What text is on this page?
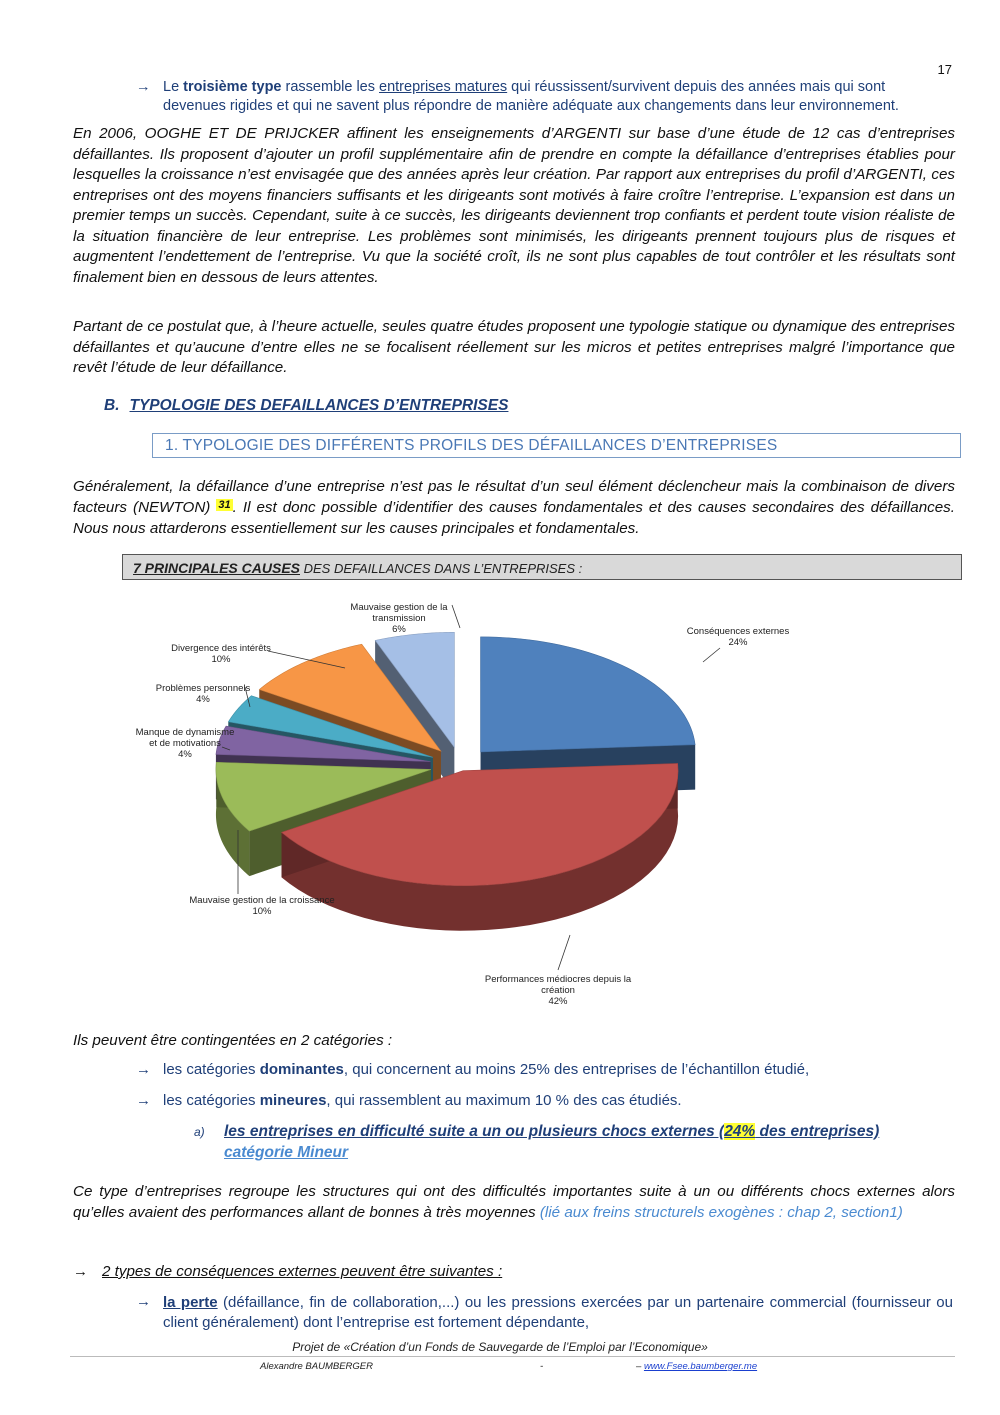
17
→ Le troisième type rassemble les entreprises matures qui réussissent/survivent depuis des années mais qui sont
devenues rigides et qui ne savent plus répondre de manière adéquate aux changements dans leur environnement.
En 2006, OOGHE ET DE PRIJCKER affinent les enseignements d’ARGENTI sur base d’une étude de 12 cas d’entreprises défaillantes. Ils proposent d’ajouter un profil supplémentaire afin de prendre en compte la défaillance d’entreprises établies pour lesquelles la croissance n’est envisagée que des années après leur création. Par rapport aux entreprises du profil d’ARGENTI, ces entreprises ont des moyens financiers suffisants et les dirigeants sont motivés à faire croître l’entreprise. L’expansion est dans un premier temps un succès. Cependant, suite à ce succès, les dirigeants deviennent trop confiants et perdent toute vision réaliste de la situation financière de leur entreprise. Les problèmes sont minimisés, les dirigeants prennent toujours plus de risques et augmentent l’endettement de l’entreprise. Vu que la société croît, ils ne sont plus capables de tout contrôler et les résultats sont finalement bien en dessous de leurs attentes.
Partant de ce postulat que, à l’heure actuelle, seules quatre études proposent une typologie statique ou dynamique des entreprises défaillantes et qu’aucune d’entre elles ne se focalisent réellement sur les micros et petites entreprises malgré l’importance que revêt l’étude de leur défaillance.
B. TYPOLOGIE DES DEFAILLANCES D’ENTREPRISES
1. TYPOLOGIE DES DIFFÉRENTS PROFILS DES DÉFAILLANCES D’ENTREPRISES
Généralement, la défaillance d’une entreprise n’est pas le résultat d’un seul élément déclencheur mais la combinaison de divers facteurs (NEWTON) $^{31}$ . Il est donc possible d’identifier des causes fondamentales et des causes secondaires des défaillances. Nous nous attarderons essentiellement sur les causes principales et fondamentales.
7 PRINCIPALES CAUSES DES DEFAILLANCES DANS L’ENTREPRISES :
Conséquences externes
24%
Performances médiocres depuis la
création
42%
Mauvaise gestion de la croissance
10%
Manque de dynamisme
et de motivations
4%
Problèmes personnels
4%
Divergence des intérêts
10%
Mauvaise gestion de la
transmission
6%
Ils peuvent être contingentées en 2 catégories :
→ les catégories dominantes, qui concernent au moins 25% des entreprises de l’échantillon étudié,
→ les catégories mineures, qui rassemblent au maximum 10 % des cas étudiés.
a) les entreprises en difficulté suite a un ou plusieurs chocs externes (24% des entreprises)
catégorie Mineur
Ce type d’entreprises regroupe les structures qui ont des difficultés importantes suite à un ou différents chocs externes alors qu’elles avaient des performances allant de bonnes à très moyennes (lié aux freins structurels exogènes : chap 2, section1)
→ 2 types de conséquences externes peuvent être suivantes :
→ la perte (défaillance, fin de collaboration,...) ou les pressions exercées par un partenaire commercial (fournisseur ou client généralement) dont l’entreprise est fortement dépendante,
Projet de «Création d’un Fonds de Sauvegarde de l’Emploi par l’Economique»
Alexandre BAUMBERGER	-	– www.Fsee.baumberger.me
